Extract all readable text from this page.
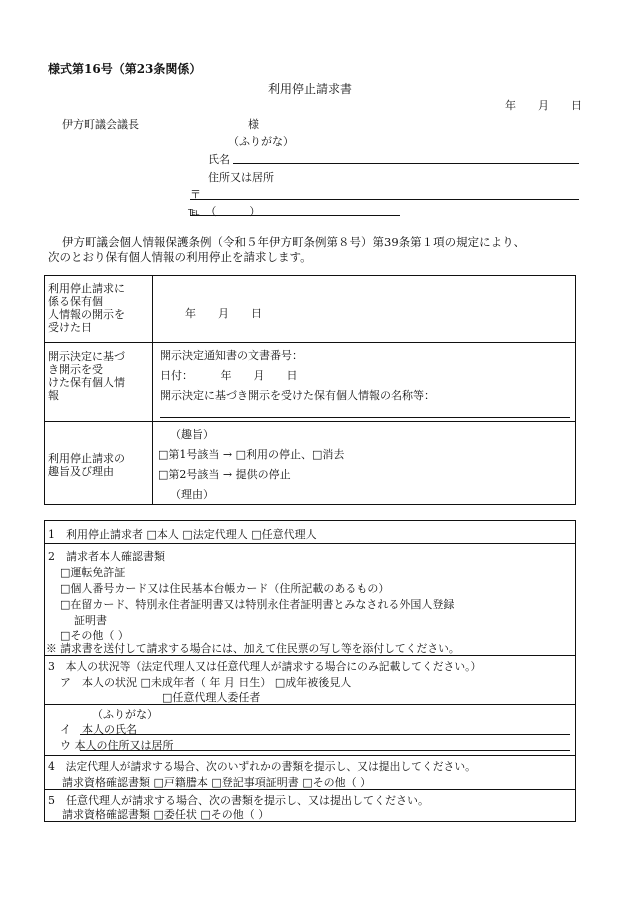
様式第16号（第23条関係）
利用停止請求書
年　　月　　日
伊方町議会議長	様
（ふりがな）
氏名
住所又は居所
〒
℡　（　　　）
伊方町議会個人情報保護条例（令和５年伊方町条例第８号）第39条第１項の規定により、
次のとおり保有個人情報の利用停止を請求します。
利用停止請求に
係る保有個
人情報の開示を
受けた日
年　　月　　日
開示決定に基づ
き開示を受
けた保有個人情
報
開示決定通知書の文書番号：
日付：　　　年　　月　　日
開示決定に基づき開示を受けた保有個人情報の名称等：
利用停止請求の
趣旨及び理由
（趣旨）
□第1号該当 → □利用の停止、□消去
□第2号該当 → 提供の停止
（理由）
1　利用停止請求者 □本人 □法定代理人 □任意代理人
2　請求者本人確認書類
□運転免許証
□個人番号カード又は住民基本台帳カード（住所記載のあるもの）
□在留カード、特別永住者証明書又は特別永住者証明書とみなされる外国人登録
証明書
□その他（ ）
※ 請求書を送付して請求する場合には、加えて住民票の写し等を添付してください。
3　本人の状況等（法定代理人又は任意代理人が請求する場合にのみ記載してください。）
ア　本人の状況 □未成年者（ 年 月 日生） □成年被後見人
□任意代理人委任者
（ふりがな）
イ　本人の氏名
ウ 本人の住所又は居所
4　法定代理人が請求する場合、次のいずれかの書類を提示し、又は提出してください。
請求資格確認書類 □戸籍謄本 □登記事項証明書 □その他（ ）
5　任意代理人が請求する場合、次の書類を提示し、又は提出してください。
請求資格確認書類 □委任状 □その他（ ）
